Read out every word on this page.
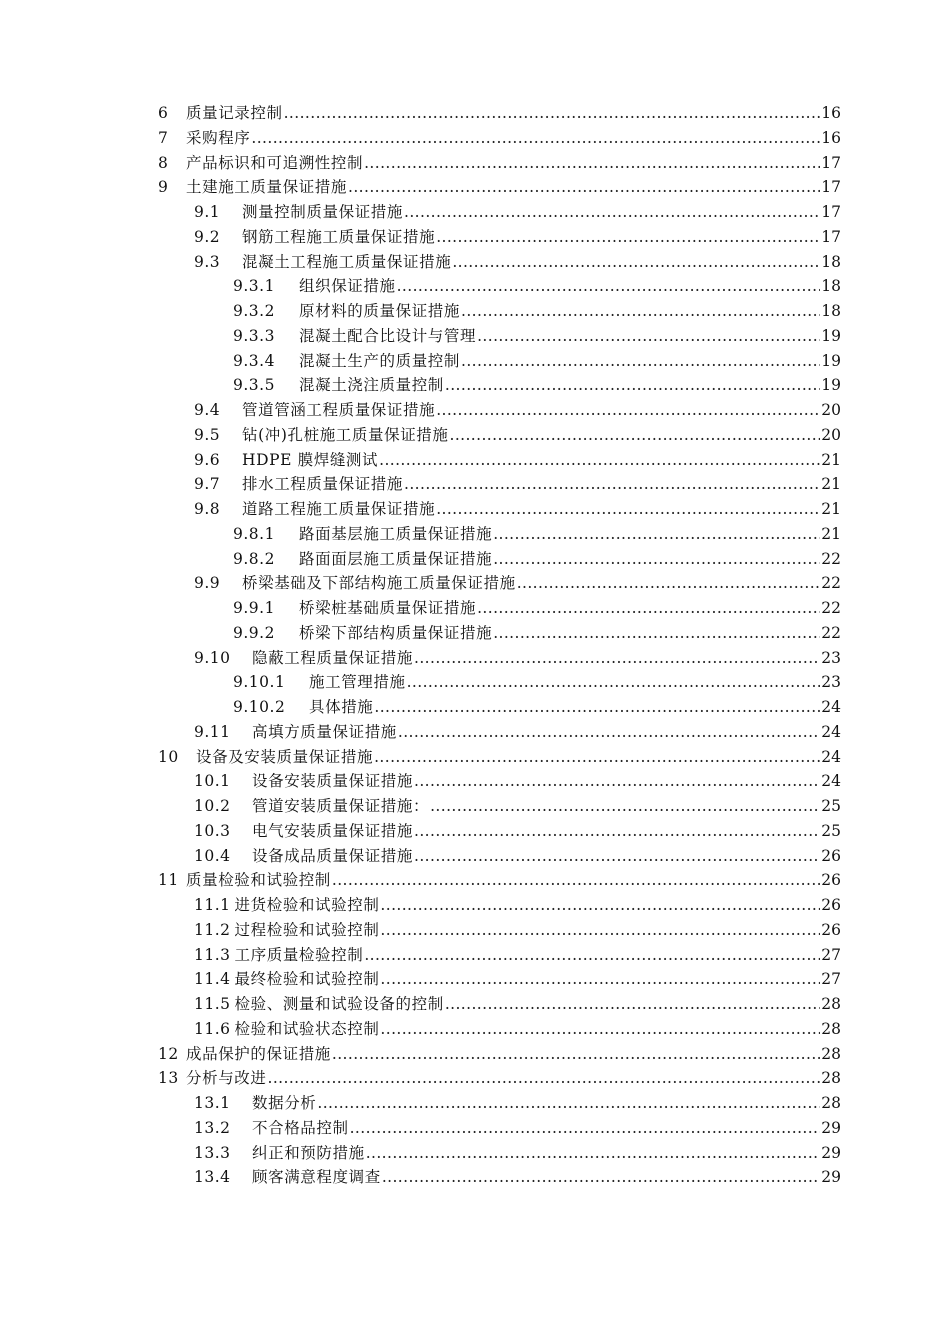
6	质量记录控制 .....	16
7	采购程序 .....	16
8	产品标识和可追溯性控制 .....	17
9	土建施工质量保证措施 .....	17
9.1	测量控制质量保证措施 .....	17
9.2	钢筋工程施工质量保证措施 .....	17
9.3	混凝土工程施工质量保证措施 .....	18
9.3.1	组织保证措施 .....	18
9.3.2	原材料的质量保证措施 .....	18
9.3.3	混凝土配合比设计与管理 .....	19
9.3.4	混凝土生产的质量控制 .....	19
9.3.5	混凝土浇注质量控制 .....	19
9.4	管道管涵工程质量保证措施 .....	20
9.5	钻(冲)孔桩施工质量保证措施 .....	20
9.6	HDPE 膜焊缝测试 .....	21
9.7	排水工程质量保证措施 .....	21
9.8	道路工程施工质量保证措施 .....	21
9.8.1	路面基层施工质量保证措施 .....	21
9.8.2	路面面层施工质量保证措施 .....	22
9.9	桥梁基础及下部结构施工质量保证措施 .....	22
9.9.1	桥梁桩基础质量保证措施 .....	22
9.9.2	桥梁下部结构质量保证措施 .....	22
9.10	隐蔽工程质量保证措施 .....	23
9.10.1	施工管理措施 .....	23
9.10.2	具体措施 .....	24
9.11	高填方质量保证措施 .....	24
10	设备及安装质量保证措施 .....	24
10.1	设备安装质量保证措施 .....	24
10.2	管道安装质量保证措施： .....	25
10.3	电气安装质量保证措施 .....	25
10.4	设备成品质量保证措施 .....	26
11 质量检验和试验控制 .....	26
11.1 进货检验和试验控制 .....	26
11.2 过程检验和试验控制 .....	26
11.3 工序质量检验控制 .....	27
11.4 最终检验和试验控制 .....	27
11.5 检验、测量和试验设备的控制 .....	28
11.6 检验和试验状态控制 .....	28
12 成品保护的保证措施 .....	28
13 分析与改进 .....	28
13.1	数据分析 .....	28
13.2	不合格品控制 .....	29
13.3	纠正和预防措施 .....	29
13.4	顾客满意程度调查 .....	29
